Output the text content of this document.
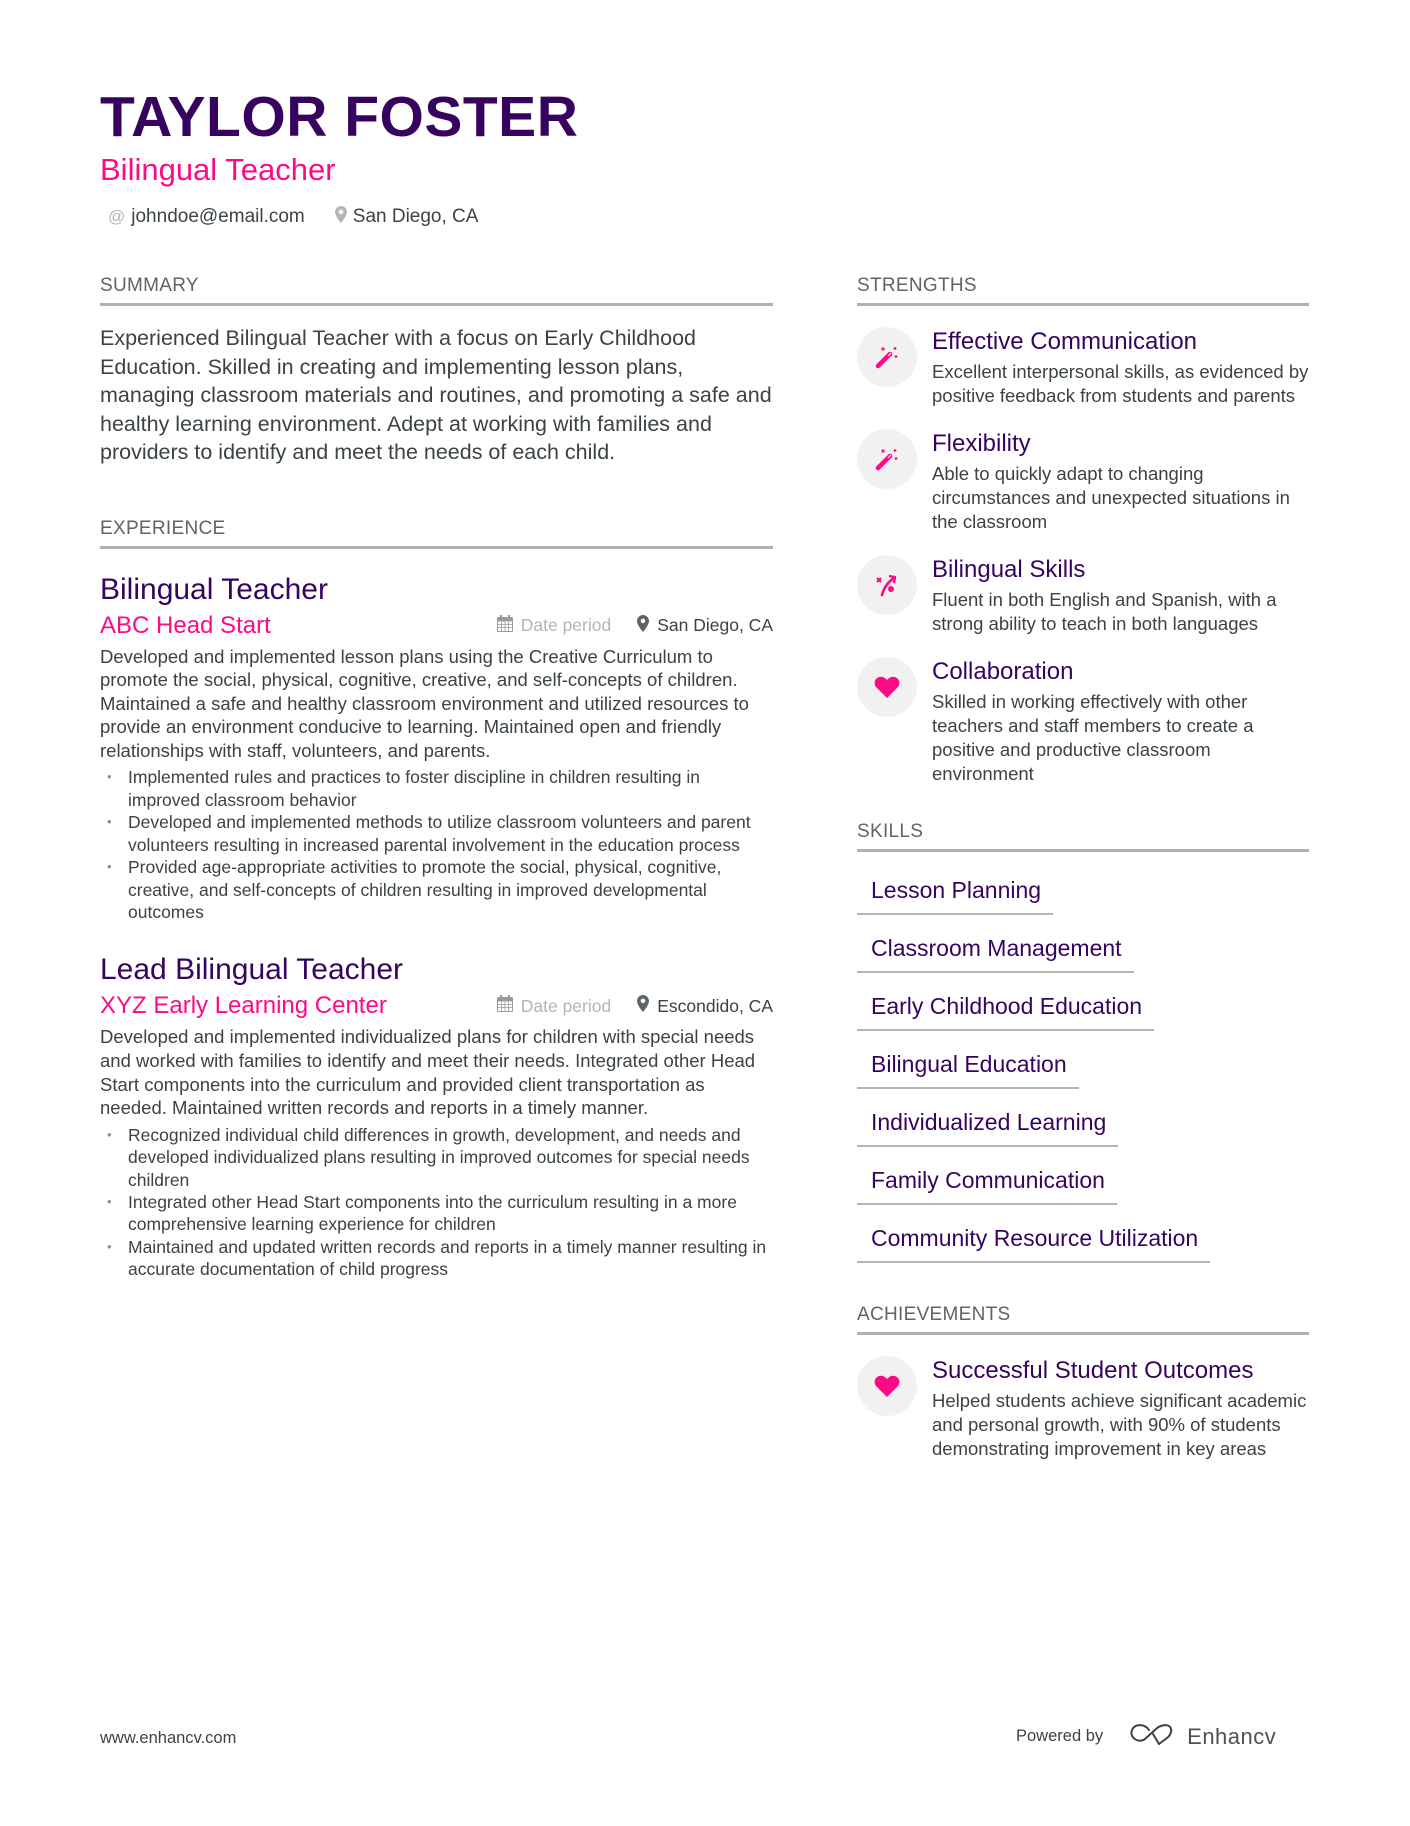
TAYLOR FOSTER
Bilingual Teacher
@ johndoe@email.com	San Diego, CA
SUMMARY

Experienced Bilingual Teacher with a focus on Early Childhood Education. Skilled in creating and implementing lesson plans, managing classroom materials and routines, and promoting a safe and healthy learning environment. Adept at working with families and providers to identify and meet the needs of each child.

EXPERIENCE
Bilingual Teacher
ABC Head Start	Date period	San Diego, CA

Developed and implemented lesson plans using the Creative Curriculum to promote the social, physical, cognitive, creative, and self-concepts of children. Maintained a safe and healthy classroom environment and utilized resources to provide an environment conducive to learning. Maintained open and friendly relationships with staff, volunteers, and parents.

• Implemented rules and practices to foster discipline in children resulting in improved classroom behavior
• Developed and implemented methods to utilize classroom volunteers and parent volunteers resulting in increased parental involvement in the education process
• Provided age-appropriate activities to promote the social, physical, cognitive, creative, and self-concepts of children resulting in improved developmental outcomes
Lead Bilingual Teacher
XYZ Early Learning Center	Date period	Escondido, CA

Developed and implemented individualized plans for children with special needs and worked with families to identify and meet their needs. Integrated other Head Start components into the curriculum and provided client transportation as needed. Maintained written records and reports in a timely manner.

• Recognized individual child differences in growth, development, and needs and developed individualized plans resulting in improved outcomes for special needs children
• Integrated other Head Start components into the curriculum resulting in a more comprehensive learning experience for children
• Maintained and updated written records and reports in a timely manner resulting in accurate documentation of child progress
STRENGTHS
Effective Communication
Excellent interpersonal skills, as evidenced by positive feedback from students and parents
Flexibility
Able to quickly adapt to changing circumstances and unexpected situations in the classroom
Bilingual Skills
Fluent in both English and Spanish, with a strong ability to teach in both languages
Collaboration
Skilled in working effectively with other teachers and staff members to create a positive and productive classroom environment
SKILLS
Lesson Planning
Classroom Management
Early Childhood Education
Bilingual Education
Individualized Learning
Family Communication
Community Resource Utilization
ACHIEVEMENTS
Successful Student Outcomes
Helped students achieve significant academic and personal growth, with 90% of students demonstrating improvement in key areas
www.enhancv.com	Powered by	Enhancv
